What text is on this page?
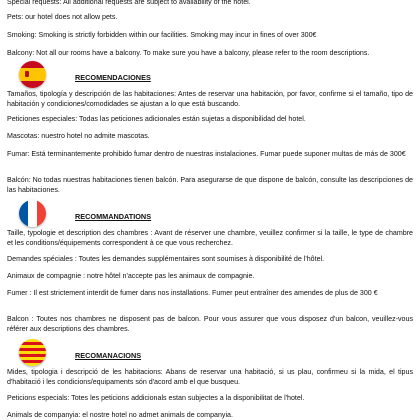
Special requests: All additional requests are subject to availability of the hotel.

Pets: our hotel does not allow pets.

Smoking: Smoking is strictly forbidden within our facilities. Smoking may incur in fines of over 300€

Balcony: Not all our rooms have a balcony. To make sure you have a balcony, please refer to the room descriptions.

RECOMENDACIONES

Tamaños, tipología y descripción de las habitaciones: Antes de reservar una habitación, por favor, confirme si el tamaño, tipo de habitación y condiciones/comodidades se ajustan a lo que está buscando.

Peticiones especiales: Todas las peticiones adicionales están sujetas a disponibilidad del hotel.

Mascotas: nuestro hotel no admite mascotas.

Fumar: Está terminantemente prohibido fumar dentro de nuestras instalaciones. Fumar puede suponer multas de más de 300€

Balcón: No todas nuestras habitaciones tienen balcón. Para asegurarse de que dispone de balcón, consulte las descripciones de las habitaciones.

RECOMMANDATIONS

Taille, typologie et description des chambres : Avant de réserver une chambre, veuillez confirmer si la taille, le type de chambre et les conditions/équipements correspondent à ce que vous recherchez.

Demandes spéciales : Toutes les demandes supplémentaires sont soumises à disponibilité de l'hôtel.

Animaux de compagnie : notre hôtel n'accepte pas les animaux de compagnie.

Fumer : Il est strictement interdit de fumer dans nos installations. Fumer peut entraîner des amendes de plus de 300 €

Balcon : Toutes nos chambres ne disposent pas de balcon. Pour vous assurer que vous disposez d'un balcon, veuillez-vous référer aux descriptions des chambres.

RECOMANACIONS

Mides, tipologia i descripció de les habitacions: Abans de reservar una habitació, si us plau, confirmeu si la mida, el tipus d'habitació i les condicions/equipaments són d'acord amb el que busqueu.

Peticions especials: Totes les peticions addicionals estan subjectes a la disponibilitat de l'hotel.

Animals de companyia: el nostre hotel no admet animals de companyia.
